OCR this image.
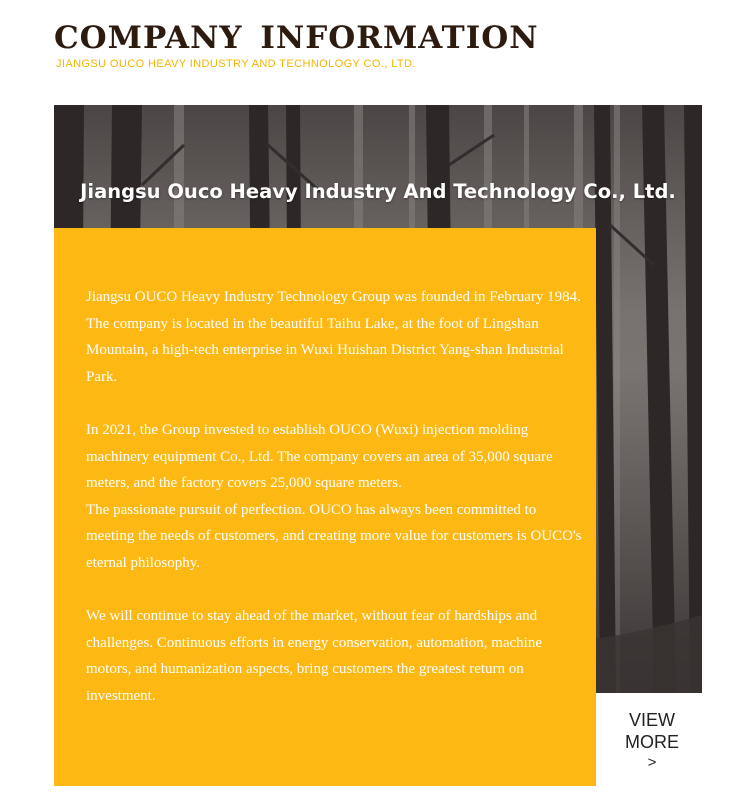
COMPANY INFORMATION
JIANGSU OUCO HEAVY INDUSTRY AND TECHNOLOGY CO., LTD.
Jiangsu Ouco Heavy Industry And Technology Co., Ltd.

Jiangsu OUCO Heavy Industry Technology Group was founded in February 1984. The company is located in the beautiful Taihu Lake, at the foot of Lingshan Mountain, a high-tech enterprise in Wuxi Huishan District Yang-shan Industrial Park.

In 2021, the Group invested to establish OUCO (Wuxi) injection molding machinery equipment Co., Ltd. The company covers an area of 35,000 square meters, and the factory covers 25,000 square meters.

The passionate pursuit of perfection. OUCO has always been committed to meeting the needs of customers, and creating more value for customers is OUCO's eternal philosophy.

We will continue to stay ahead of the market, without fear of hardships and challenges. Continuous efforts in energy conservation, automation, machine motors, and humanization aspects, bring customers the greatest return on investment.

VIEW
MORE
>
